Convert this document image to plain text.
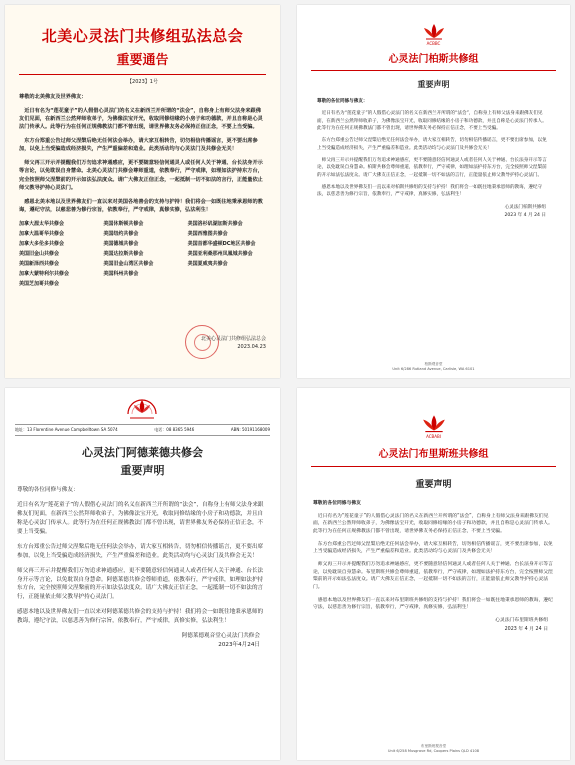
北美心灵法门共修组弘法总会
重要通告
【2023】1号

尊敬的北美佛友及世界佛友：

近日有名为“莲花童子”的人假借心灵法门的名义在新西兰开所谓的“法会”，自称身上有师父法身来跟佛友们见面，在新西兰公然拜师收弟子，为佛像法宝开光，收取同修结缘的小房子和功德款，并且自称是心灵法门传承人。此等行为在任何正规佛教法门都不曾出现，请世界佛友务必保持正信正念，不要上当受骗。

东方台郑重公告过师父涅槃后绝无任何法会举办，请大家互相转告，切勿相信传播谣言，更不要出席参加，以免上当受骗造成经济损失，产生严重偏差和造业。此类活动均与心灵法门及共修会无关！

师父再三开示并提醒我们万勿追求神通感应，更不要随意轻信何通灵人或任何人关于神通、台长法身开示等言论，以免耽误自身慧命。北美心灵法门共修会尊师重道，依教奉行，严守戒律，如理如法护持东方台，完全按照师父涅槃前的开示如法弘法度众。请广大佛友正信正念，一起抵制一切不如法的言行，正能量依止师父教导护持心灵法门。

感恩北美本地以及世界佛友们一直以来对美国各地善会的支持与护持！我们将会一如既往地秉承恩师的教诲，遵纪守法，以慈悲善为修行宗旨，依教奉行，严守戒律，真修实修，弘法利生！

加拿大渥太华共修会	美国休斯顿共修会	美国洛杉矶湖加斯共修会
加拿大温哥华共修会	美国纽约共修会	美国西雅图共修会
加拿大多伦多共修会	美国德城共修会	美国首都华盛顿DC地区共修会
美国旧金山共修会	美国达拉斯共修会	美国亚利桑那州凤凰城共修会
美国新泽西共修会	美国旧金山湾区共修会	美国夏威夷共修会
加拿大蒙特利尔共修会	美国科州共修会
美国芝加哥共修会
北美心灵法门共修组弘法总会
2023.04.23
ACBBC
心灵法门柏斯共修组
重要声明

尊敬的各位同修与佛友：

近日有名为“莲花童子”的人假借心灵法门的名义在新西兰开所谓的“法会”，自称身上有师父法身来跟佛友们见面，在新西兰公然拜师收弟子，为佛像法宝开光，收取同修结缘的小房子和功德款，并且自称是心灵法门传承人。此等行为在任何正规佛教法门都不曾出现，请世界佛友务必保持正信正念，不要上当受骗。

东方台郑重公告过师父涅槃后绝无任何法会举办，请大家互相转告，切勿相信传播谣言，更不要出席参加，以免上当受骗造成经济损失，产生严重偏差和造业。此类活动均与心灵法门及共修会无关！

师父再三开示并提醒我们万勿追求神通感应，更不要随意轻信何通灵人或者任何人关于神通、台长法身开示等言论，以免耽误自身慧命。柏斯共修会尊师重道，依教奉行，严守戒律，如理如法护持东方台，完全按照师父涅槃前的开示如法弘法度众。请广大佛友正信正念，一起抵制一切不如法的言行，正能量依止师父教导护持心灵法门。

感恩本地以及世界佛友们一直以来对柏斯共修组的支持与护持！我们将会一如既往地秉承恩师的教诲，遵纪守法，以慈悲善为修行宗旨，依教奉行，严守戒律，真修实修，弘法利生！

心灵法门柏斯共修组
2023 年 4 月 24 日
柏斯观音堂
Unit 6/286 Rutland Avenue, Carlisle, WA 6101
地址：13 Florentine Avenue Campbelltown SA 5074	电话：08 8365 5946	ABN: 50191168009
心灵法门阿德莱德共修会
重要声明

尊敬的各位同修与佛友：

近日有名为“莲花童子”的人假借心灵法门的名义在新西兰开所谓的“法会”，自称身上有师父法身来跟佛友们见面，在新西兰公然拜师收弟子，为佛像法宝开光，收取同修结缘的小房子和功德款，并且自称是心灵法门传承人。此等行为在任何正规佛教法门都不曾出现，请世界佛友务必保持正信正念，不要上当受骗。

东方台郑重公告过师父涅槃后绝无任何法会举办，请大家互相转告，切勿相信传播谣言，更不要出席参加，以免上当受骗造成经济损失，产生严重偏差和造业。此类活动均与心灵法门及共修会无关！

师父再三开示并提醒我们万勿追求神通感应，更不要随意轻信何通灵人或者任何人关于神通、台长法身开示等言论，以免耽误自身慧命。阿德莱德共修会尊师重道，依教奉行，严守戒律，如理如法护持东方台，完全按照师父涅槃前的开示如法弘法度众。请广大佛友正信正念，一起抵制一切不如法的言行，正能量依止师父教导护持心灵法门。

感恩本地以及世界佛友们一直以来对阿德莱德共修会的支持与护持！我们将会一如既往地秉承恩师的教诲，遵纪守法，以慈悲善为修行宗旨，依教奉行，严守戒律，真修实修，弘法利生！

阿德莱德观音堂心灵法门共修会
2023年4月24日
ACBABI
心灵法门布里斯班共修组
重要声明

尊敬的各位同修与佛友

近日有名为“莲花童子”的人假借心灵法门的名义在新西兰开所谓的“法会”，自称身上有师父法身来跟佛友们见面，在新西兰公然拜师收弟子，为佛像法宝开光，收取同修结缘的小房子和功德款，并且自称是心灵法门传承人。此等行为在任何正规佛教法门都不曾出现，请世界佛友务必保持正信正念，不要上当受骗。

东方台郑重公告过师父涅槃后绝无任何法会举办，请大家互相转告，切勿相信传播谣言，更不要出席参加，以免上当受骗造成经济损失，产生严重偏差和造业。此类活动均与心灵法门及共修会无关！

师父再三开示并提醒我们万勿追求神通感应，更不要随意轻信何通灵人或者任何人关于神通、台长法身开示等言论，以免耽误自身慧命。布里斯班共修会尊师重道，依教奉行，严守戒律，如理如法护持东方台，完全按照师父涅槃前的开示如法弘法度众。请广大佛友正信正念，一起抵制一切不如法的言行，正能量依止师父教导护持心灵法门。

感恩本地以及世界佛友们一直以来对布里斯班共修组的支持与护持！我们将会一如既往地秉承恩师的教诲，遵纪守法，以慈悲善为修行宗旨，依教奉行，严守戒律，真修实修，弘法利生！

心灵法门布里斯班共修组
2023 年 4 月 24 日
布里斯班观音堂
Unit 6/258 Musgrave Rd, Coopers Plains QLD 4108
